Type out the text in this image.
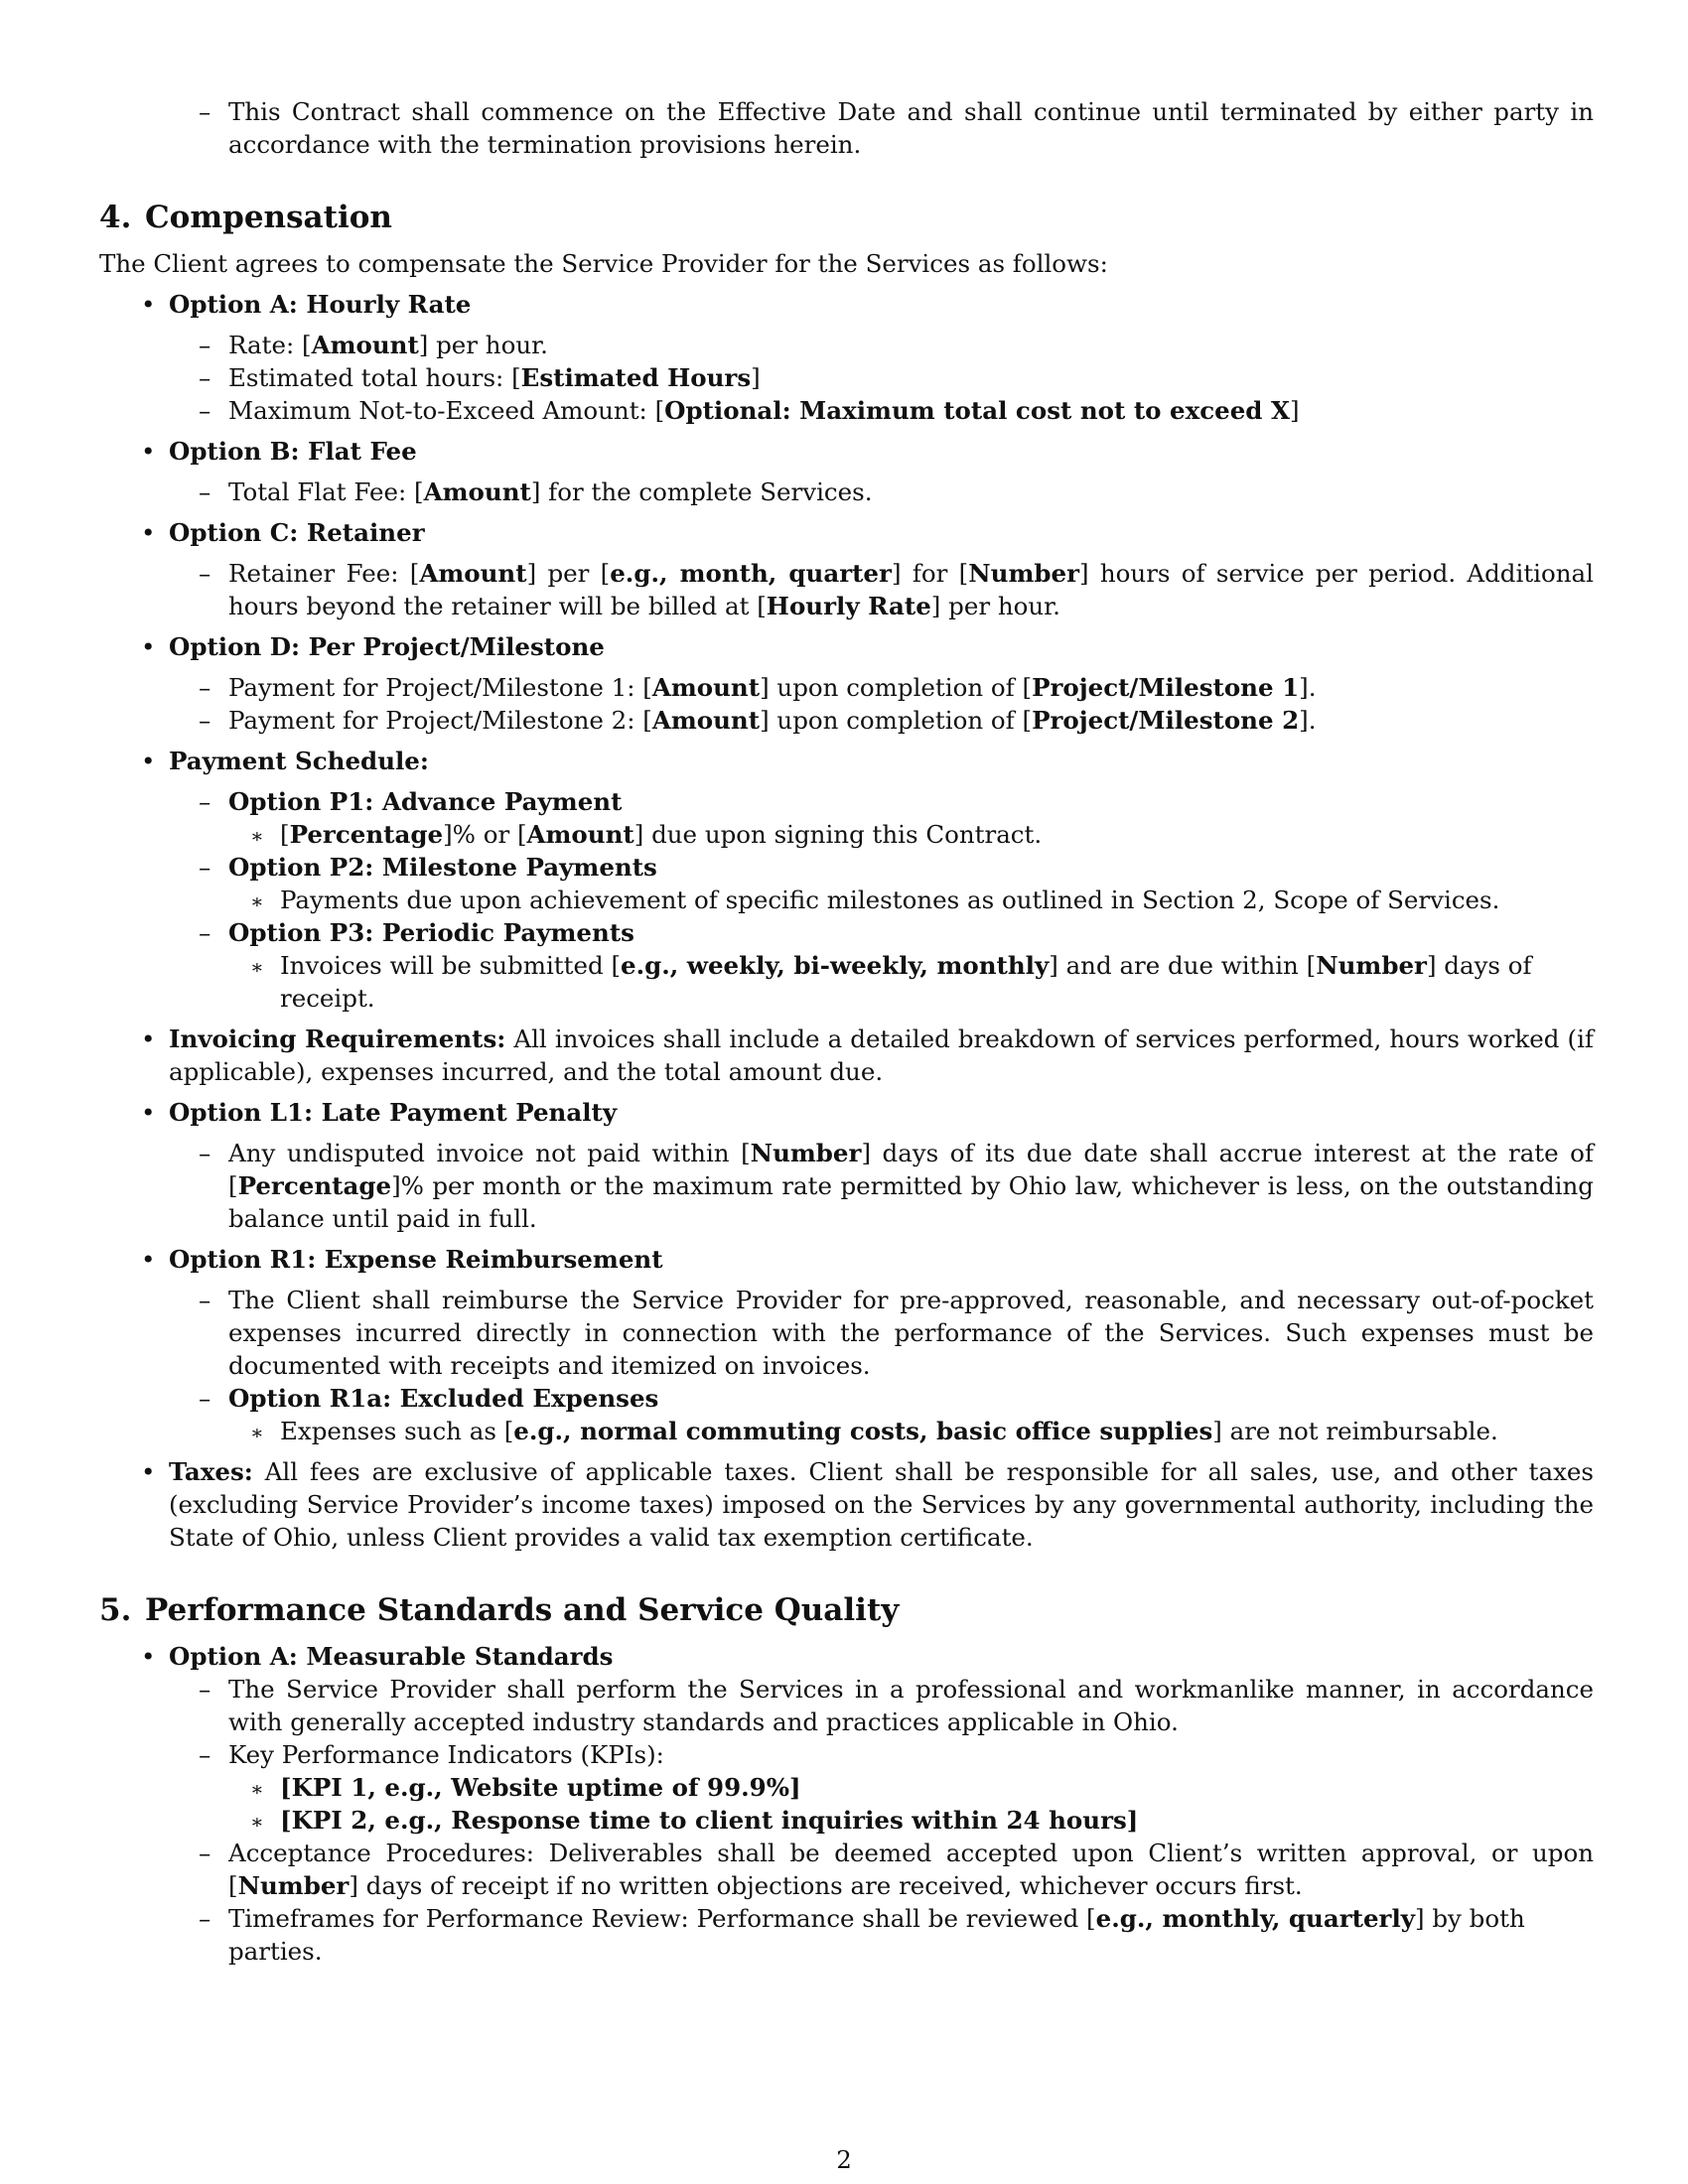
– This Contract shall commence on the Effective Date and shall continue until terminated by either party in accordance with the termination provisions herein.
4. Compensation
The Client agrees to compensate the Service Provider for the Services as follows:
• Option A: Hourly Rate
– Rate: [Amount] per hour.
– Estimated total hours: [Estimated Hours]
– Maximum Not-to-Exceed Amount: [Optional: Maximum total cost not to exceed X]
• Option B: Flat Fee
– Total Flat Fee: [Amount] for the complete Services.
• Option C: Retainer
– Retainer Fee: [Amount] per [e.g., month, quarter] for [Number] hours of service per period. Additional hours beyond the retainer will be billed at [Hourly Rate] per hour.
• Option D: Per Project/Milestone
– Payment for Project/Milestone 1: [Amount] upon completion of [Project/Milestone 1].
– Payment for Project/Milestone 2: [Amount] upon completion of [Project/Milestone 2].
• Payment Schedule:
– Option P1: Advance Payment
∗ [Percentage]% or [Amount] due upon signing this Contract.
– Option P2: Milestone Payments
∗ Payments due upon achievement of specific milestones as outlined in Section 2, Scope of Services.
– Option P3: Periodic Payments
∗ Invoices will be submitted [e.g., weekly, bi-weekly, monthly] and are due within [Number] days of receipt.
• Invoicing Requirements: All invoices shall include a detailed breakdown of services performed, hours worked (if applicable), expenses incurred, and the total amount due.
• Option L1: Late Payment Penalty
– Any undisputed invoice not paid within [Number] days of its due date shall accrue interest at the rate of [Percentage]% per month or the maximum rate permitted by Ohio law, whichever is less, on the outstanding balance until paid in full.
• Option R1: Expense Reimbursement
– The Client shall reimburse the Service Provider for pre-approved, reasonable, and necessary out-of-pocket expenses incurred directly in connection with the performance of the Services. Such expenses must be documented with receipts and itemized on invoices.
– Option R1a: Excluded Expenses
∗ Expenses such as [e.g., normal commuting costs, basic office supplies] are not reimbursable.
• Taxes: All fees are exclusive of applicable taxes. Client shall be responsible for all sales, use, and other taxes (excluding Service Provider’s income taxes) imposed on the Services by any governmental authority, including the State of Ohio, unless Client provides a valid tax exemption certificate.
5. Performance Standards and Service Quality
• Option A: Measurable Standards
– The Service Provider shall perform the Services in a professional and workmanlike manner, in accordance with generally accepted industry standards and practices applicable in Ohio.
– Key Performance Indicators (KPIs):
∗ [KPI 1, e.g., Website uptime of 99.9%]
∗ [KPI 2, e.g., Response time to client inquiries within 24 hours]
– Acceptance Procedures: Deliverables shall be deemed accepted upon Client’s written approval, or upon [Number] days of receipt if no written objections are received, whichever occurs first.
– Timeframes for Performance Review: Performance shall be reviewed [e.g., monthly, quarterly] by both parties.
2
